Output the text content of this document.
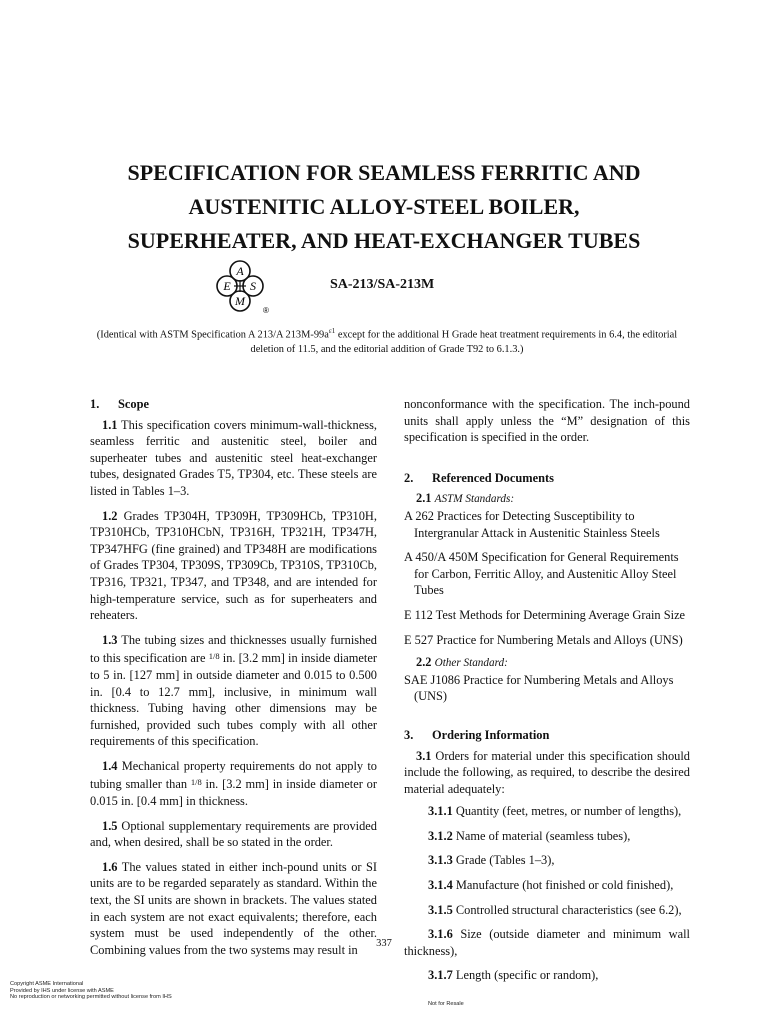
SPECIFICATION FOR SEAMLESS FERRITIC AND
AUSTENITIC ALLOY-STEEL BOILER,
SUPERHEATER, AND HEAT-EXCHANGER TUBES
A
E S
M
®
SA-213/SA-213M

(Identical with ASTM Specification A 213/A $213M-99a^{\varepsilon 1}$ except for the additional H Grade heat treatment requirements in 6.4, the editorial deletion of 11.5, and the editorial addition of Grade T92 to 6.1.3.)

1. Scope

1.1 This specification covers minimum-wall-thickness, seamless ferritic and austenitic steel, boiler and superheater tubes and austenitic steel heat-exchanger tubes, designated Grades T5, TP304, etc. These steels are listed in Tables 1–3.

1.2 Grades TP304H, TP309H, TP309HCb, TP310H, TP310HCb, TP310HCbN, TP316H, TP321H, TP347H, TP347HFG (fine grained) and TP348H are modifications of Grades TP304, TP309S, TP309Cb, TP310S, TP310Cb, TP316, TP321, TP347, and TP348, and are intended for high-temperature service, such as for superheaters and reheaters.

1.3 The tubing sizes and thicknesses usually furnished to this specification are $^{1/8}$ in. [3.2 mm] in inside diameter to 5 in. [127 mm] in outside diameter and 0.015 to 0.500 in. [0.4 to 12.7 mm], inclusive, in minimum wall thickness. Tubing having other dimensions may be furnished, provided such tubes comply with all other requirements of this specification.

1.4 Mechanical property requirements do not apply to tubing smaller than $^{1/8}$ in. [3.2 mm] in inside diameter or 0.015 in. [0.4 mm] in thickness.

1.5 Optional supplementary requirements are provided and, when desired, shall be so stated in the order.

1.6 The values stated in either inch-pound units or SI units are to be regarded separately as standard. Within the text, the SI units are shown in brackets. The values stated in each system are not exact equivalents; therefore, each system must be used independently of the other. Combining values from the two systems may result in

nonconformance with the specification. The inch-pound units shall apply unless the “M” designation of this specification is specified in the order.

2. Referenced Documents

2.1 ASTM Standards:

A 262 Practices for Detecting Susceptibility to Intergranular Attack in Austenitic Stainless Steels

A 450/A 450M Specification for General Requirements for Carbon, Ferritic Alloy, and Austenitic Alloy Steel Tubes

E 112 Test Methods for Determining Average Grain Size

E 527 Practice for Numbering Metals and Alloys (UNS)

2.2 Other Standard:

SAE J1086 Practice for Numbering Metals and Alloys (UNS)

3. Ordering Information

3.1 Orders for material under this specification should include the following, as required, to describe the desired material adequately:

3.1.1 Quantity (feet, metres, or number of lengths),

3.1.2 Name of material (seamless tubes),

3.1.3 Grade (Tables 1–3),

3.1.4 Manufacture (hot finished or cold finished),

3.1.5 Controlled structural characteristics (see 6.2),

3.1.6 Size (outside diameter and minimum wall thickness),

3.1.7 Length (specific or random),

337
Copyright ASME International
Provided by IHS under license with ASME
No reproduction or networking permitted without license from IHS
Not for Resale
